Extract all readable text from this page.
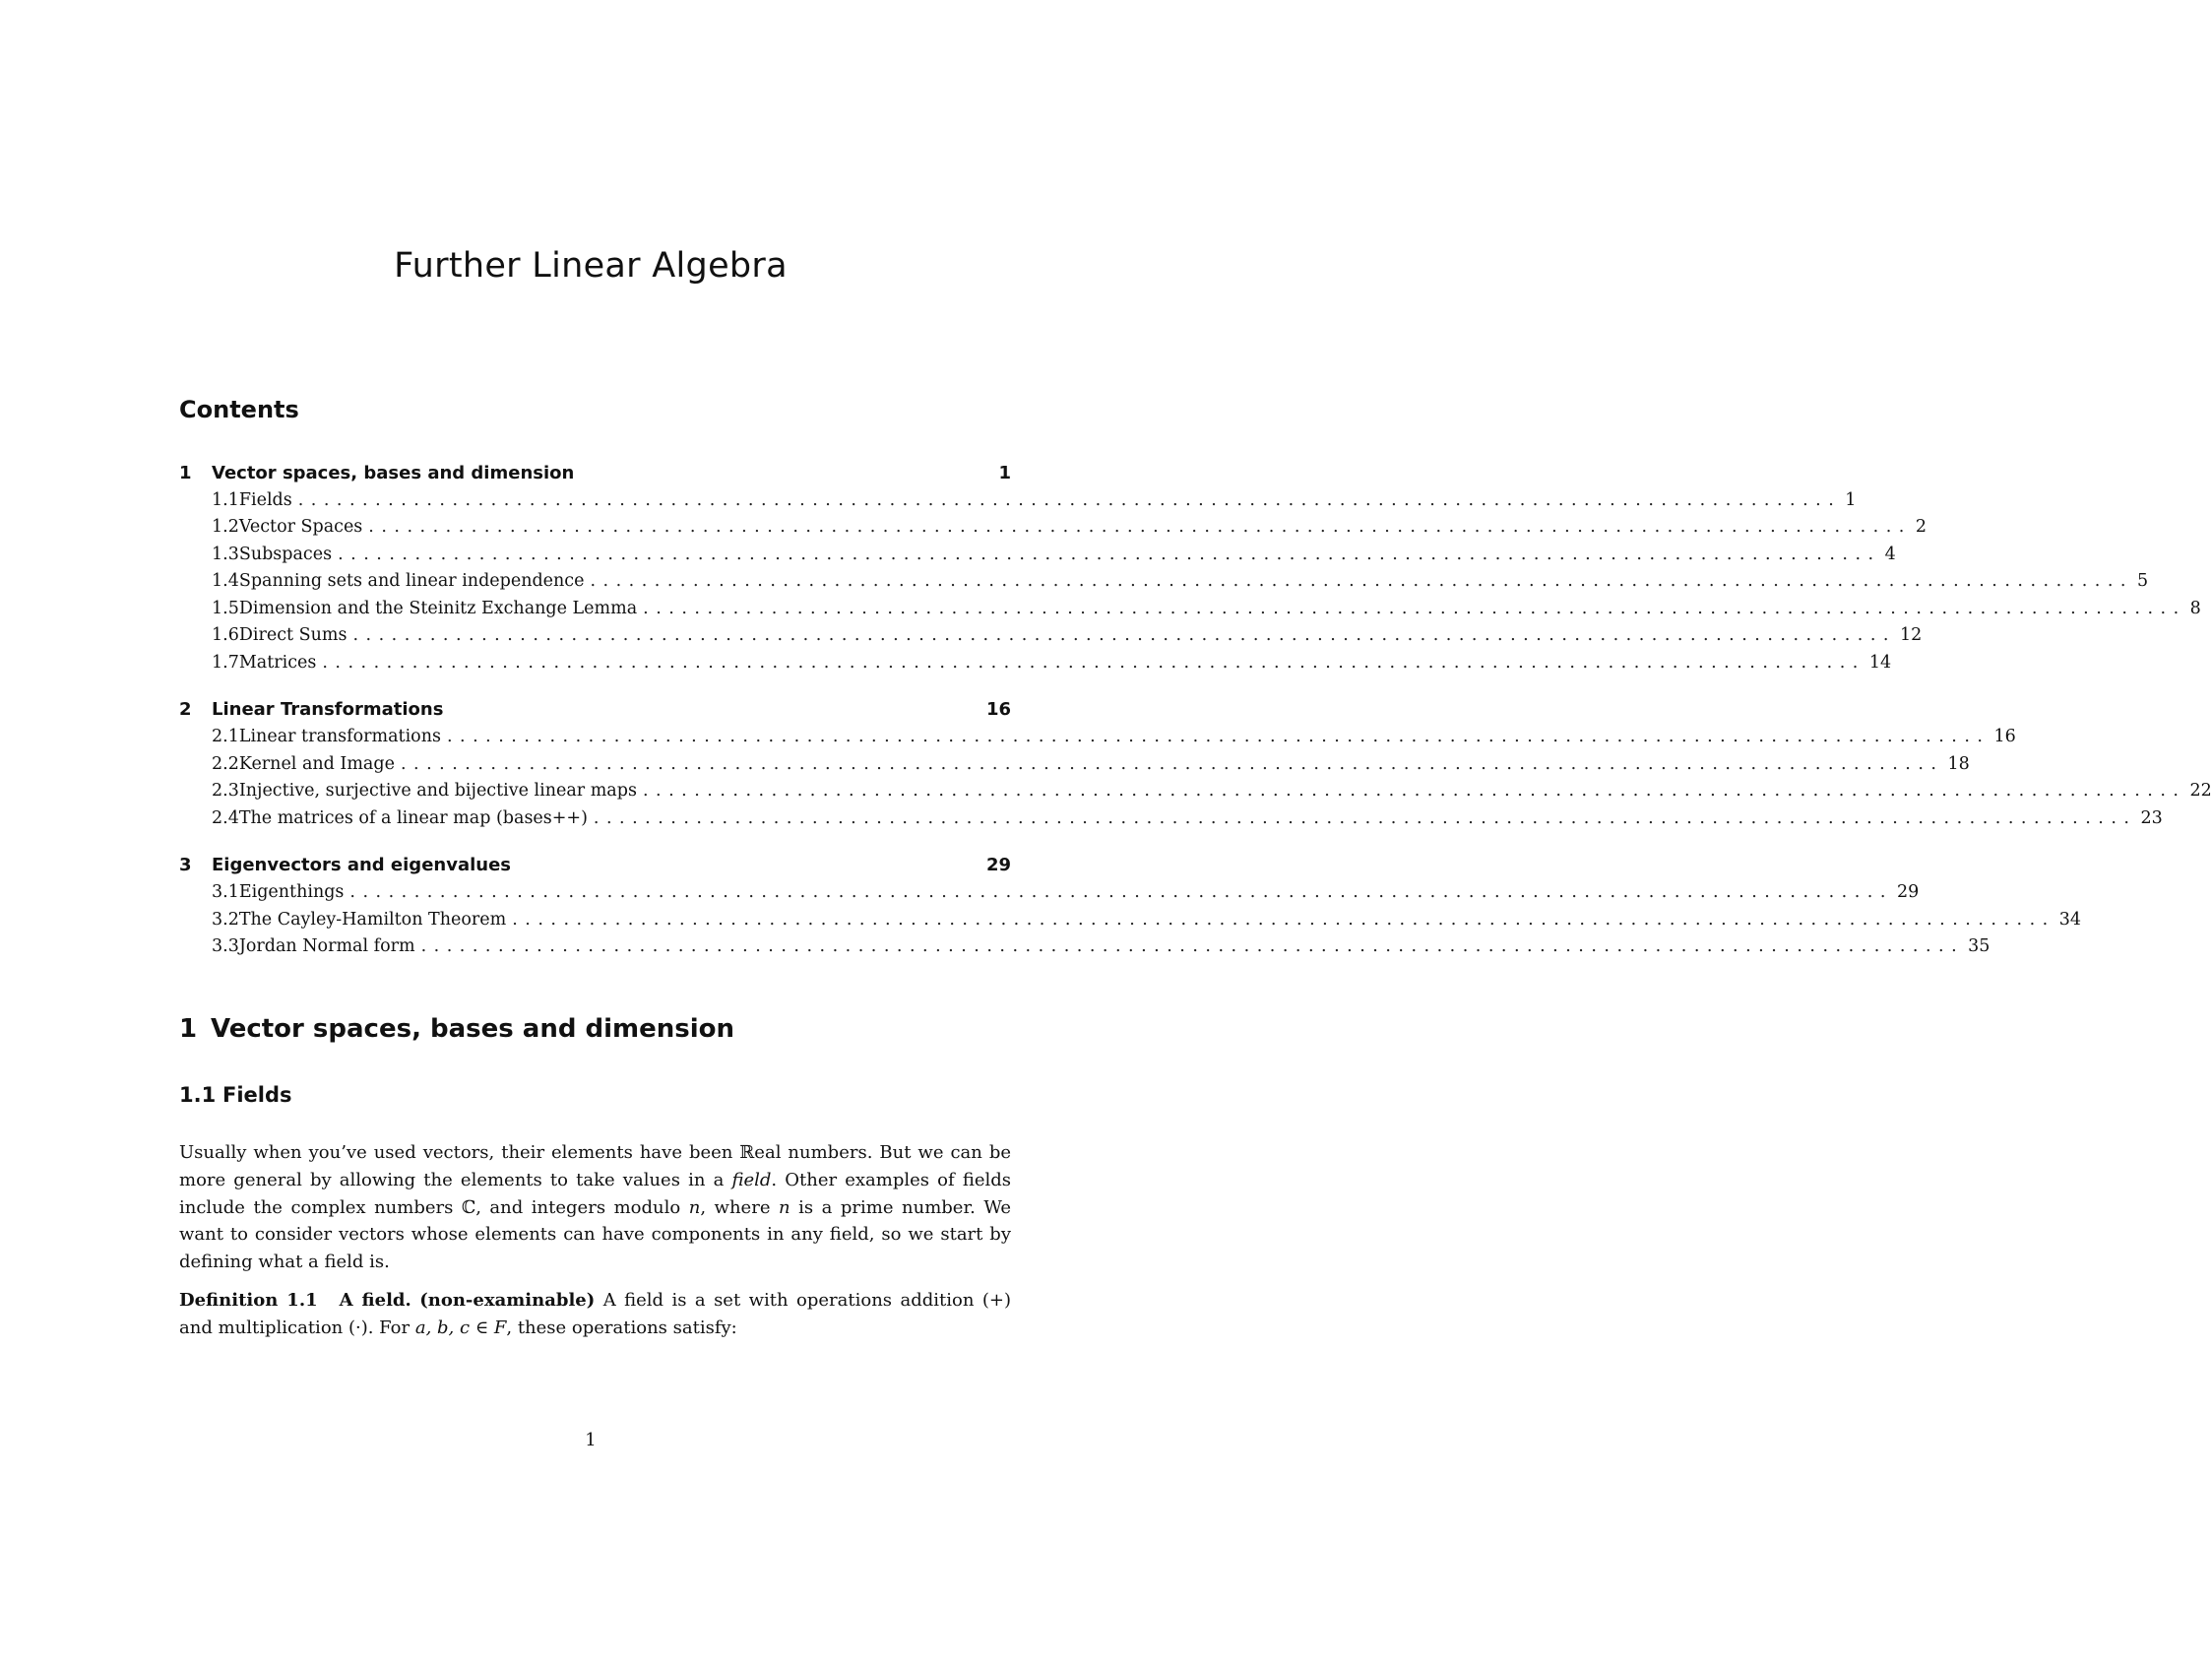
Further Linear Algebra
Contents
1	Vector spaces, bases and dimension	1
1.1 Fields ........................................................................................................................ 1
1.2 Vector Spaces ........................................................................................................................ 2
1.3 Subspaces ........................................................................................................................ 4
1.4 Spanning sets and linear independence ........................................................................................................................ 5
1.5 Dimension and the Steinitz Exchange Lemma ........................................................................................................................ 8
1.6 Direct Sums ........................................................................................................................ 12
1.7 Matrices ........................................................................................................................ 14
2	Linear Transformations	16
2.1 Linear transformations ........................................................................................................................ 16
2.2 Kernel and Image ........................................................................................................................ 18
2.3 Injective, surjective and bijective linear maps ........................................................................................................................ 22
2.4 The matrices of a linear map (bases++) ........................................................................................................................ 23
3	Eigenvectors and eigenvalues	29
3.1 Eigenthings ........................................................................................................................ 29
3.2 The Cayley-Hamilton Theorem ........................................................................................................................ 34
3.3 Jordan Normal form ........................................................................................................................ 35
1 Vector spaces, bases and dimension
1.1 Fields

Usually when you’ve used vectors, their elements have been ℝeal numbers. But we can be more general by allowing the elements to take values in a field. Other examples of fields include the complex numbers ℂ, and integers modulo n, where n is a prime number. We want to consider vectors whose elements can have components in any field, so we start by defining what a field is.

Definition 1.1 A field. (non-examinable) A field is a set with operations addition (+) and multiplication (·). For a, b, c ∈ F, these operations satisfy:
1
